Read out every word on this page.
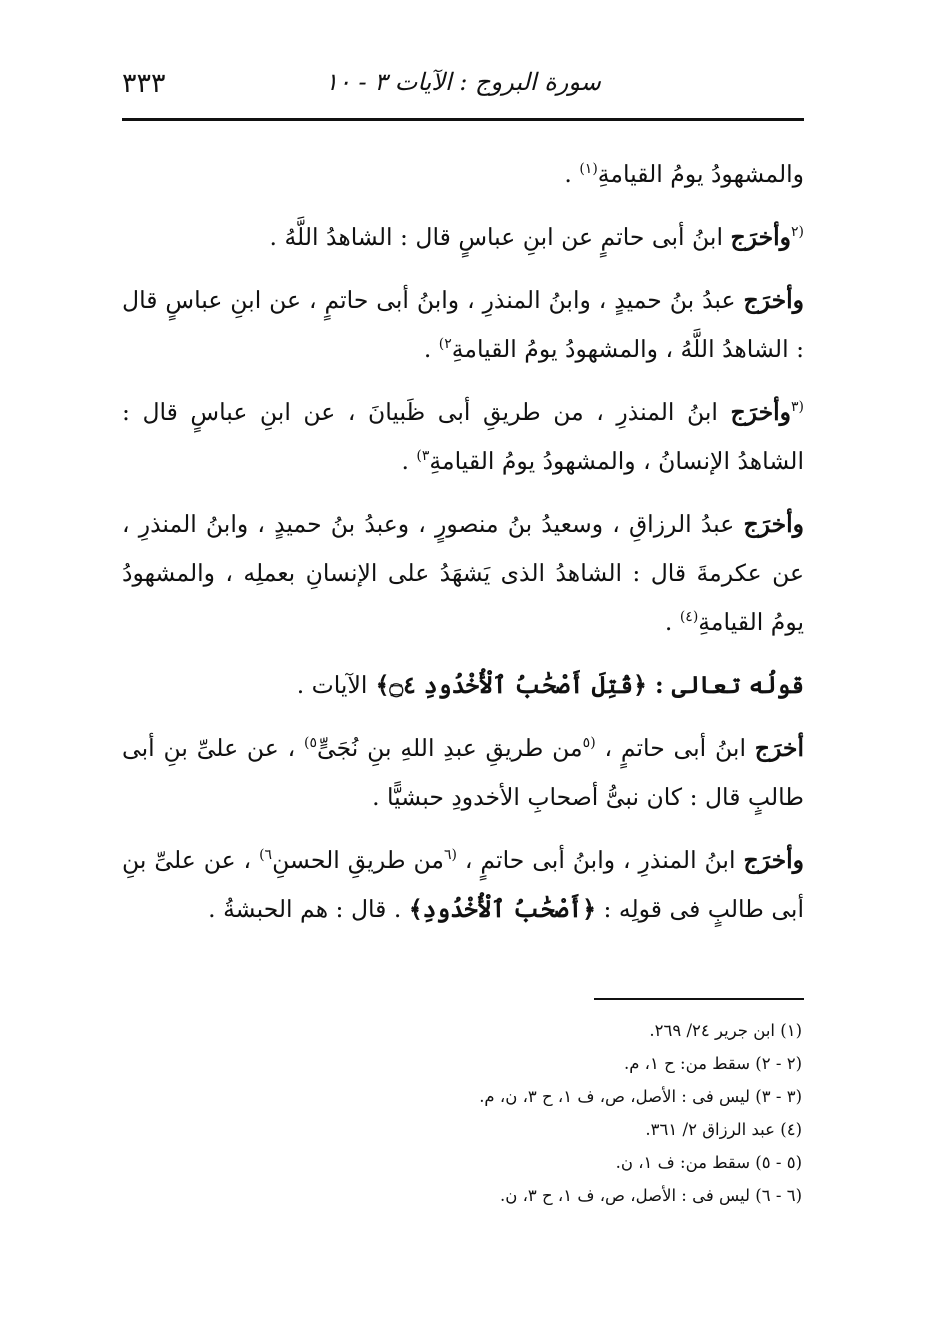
سورة البروج : الآيات ٣ - ١٠
٣٣٣

والمشهودُ يومُ القيامةِ$^{(١)}$ .

$^{(٢}$وأخرَج ابنُ أبى حاتمٍ عن ابنِ عباسٍ قال : الشاهدُ اللَّهُ .

وأخرَج عبدُ بنُ حميدٍ ، وابنُ المنذرِ ، وابنُ أبى حاتمٍ ، عن ابنِ عباسٍ قال : الشاهدُ اللَّهُ ، والمشهودُ يومُ القيامةِ$^{٢)}$ .

$^{(٣}$وأخرَج ابنُ المنذرِ ، من طريقِ أبى ظَبيانَ ، عن ابنِ عباسٍ قال : الشاهدُ الإنسانُ ، والمشهودُ يومُ القيامةِ$^{٣)}$ .

وأخرَج عبدُ الرزاقِ ، وسعيدُ بنُ منصورٍ ، وعبدُ بنُ حميدٍ ، وابنُ المنذرِ ، عن عكرمةَ قال : الشاهدُ الذى يَشهَدُ على الإنسانِ بعملِه ، والمشهودُ يومُ القيامةِ$^{(٤)}$ .

قولُه تعالى : ﴿قُتِلَ أَصْحَٰبُ ٱلْأُخْدُودِ ۝٤﴾ الآيات .

أخرَج ابنُ أبى حاتمٍ ، $^{(٥}$من طريقِ عبدِ اللهِ بنِ نُجَىٍّ$^{٥)}$ ، عن علىِّ بنِ أبى طالبٍ قال : كان نبىُّ أصحابِ الأخدودِ حبشيًّا .

وأخرَج ابنُ المنذرِ ، وابنُ أبى حاتمٍ ، $^{(٦}$من طريقِ الحسنِ$^{٦)}$ ، عن علىِّ بنِ أبى طالبٍ فى قولِه : ﴿أَصْحَٰبُ ٱلْأُخْدُودِ﴾ . قال : هم الحبشةُ .

(١) ابن جرير ٢٤/ ٢٦٩.

(٢ - ٢) سقط من: ح ١، م.

(٣ - ٣) ليس فى : الأصل، ص، ف ١، ح ٣، ن، م.

(٤) عبد الرزاق ٢/ ٣٦١.

(٥ - ٥) سقط من: ف ١، ن.

(٦ - ٦) ليس فى : الأصل، ص، ف ١، ح ٣، ن.
